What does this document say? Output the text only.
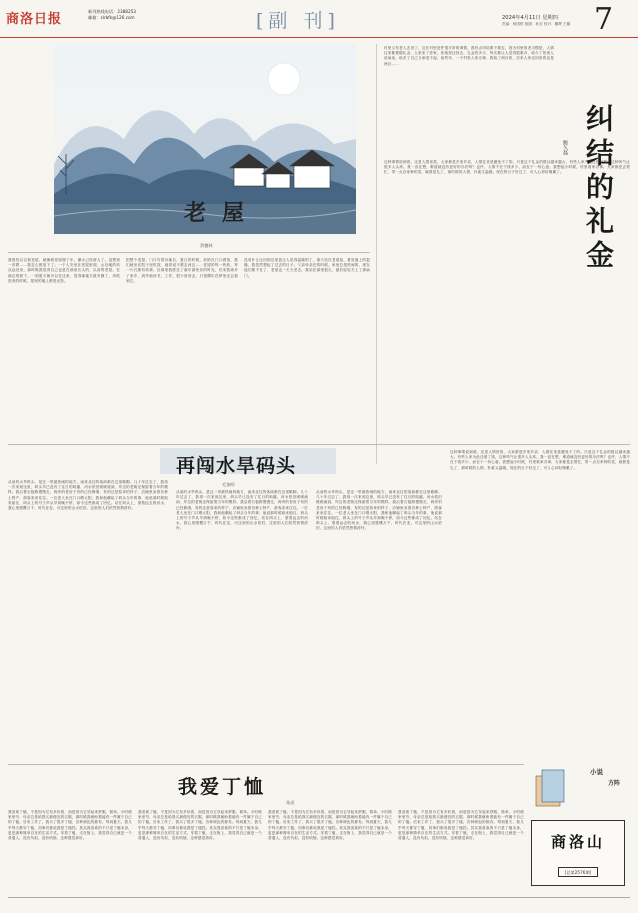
商洛日报
新刊热线电话：2388253
邮箱：slrbfk@126.com	[副 刊]	2024年4月11日 星期四
责编：杨国栋 组版：孙芳 校对：戴辉 王璐 7
老屋
贺穗林
我曾经以自我老屋，就像树老屋理了年，潮水己经被大了。没想到一首歌……我怎么都放下了。一个人安坐在老屋里面，山谷地的风从远处来，那时候我觉得自己也是在那里长大的，以前的老屋，在那边的树下，一到夏天就可以在这里，觉得那地方最安静了，风吹进来的时候，屋里的墙上都是光影。
把整个老屋，门口写着各地名，夏日的时候，奶奶在门口做饭，我们就坐在院子里吃饭，她常说不要去河边……老屋的每一块砖，每一片瓦都有故事，在那里我度过了童年最快乐的时光，后来我离开了家乡，到外地读书，工作，很少再回去，只是偶尔在梦里还会看到它。
没有什么比回到这里更让人觉得温暖的了，那天站在老屋前，看见墙上的裂缝，我忽然想起了过去的日子。父亲母亲在的时候，家里总是热闹的，现在他们都不在了，老屋也一天天老去。我站在那里很久，最后轻轻关上了那扇门。
村里又有老人去世了，这在村里是件很平常的事情，我有点纠结要不要去，因为村里的老习惯是，人情往来都要随礼金，人家来了你家，你就得还回去。礼金的多少，每次都让人觉得很难办，给少了怕别人说闲话，给多了自己又承受不起。前些年，一个村里人家办事，我给了两百块，后来人家还回来的也是两百……
鲍久磊 纠结的礼金
这种事情说到底，还是人情世故，大家都是乡里乡亲，人情往来是避免不了的。只是这个礼金的数目越来越大，有些人家为此还借了钱，这种风气让很多人头疼。我一直在想，难道就没有更好的办法吗？也许，人情不在于钱多少，而在于一份心意。我想起小时候，村里谁家办事，大家都是去帮忙，带一点自家种的菜，就算是礼了，那时候的人情，朴素又温暖。现在的日子好过了，可人心却好像累了。
再闯水旱码头
毛加明
从前的水旱码头，是这一带最热闹的地方，南来北往的客商都在这里歇脚。几十年过去了，我再一次来到这里，码头早已没有了往日的喧嚣，河水依旧缓缓流淌，岸边的老街还保留着当年的模样。我沿着石板路慢慢走，两旁的老房子有的已经修缮，有的还是原来的样子，店铺里卖着各种土特产，游客来来往往。一位老人坐在门口晒太阳，我和他聊起了码头当年的事，他说那时候船来船往，码头上的号子声从早到晚不停，如今这些都成了回忆。站在码头上，望着远去的河水，我心里感慨万千，时代在变，可这里的山水依旧，这里的人们依然热情淳朴。
从前的水旱码头，是这一带最热闹的地方，南来北往的客商都在这里歇脚。几十年过去了，我再一次来到这里，码头早已没有了往日的喧嚣，河水依旧缓缓流淌，岸边的老街还保留着当年的模样。我沿着石板路慢慢走，两旁的老房子有的已经修缮，有的还是原来的样子，店铺里卖着各种土特产，游客来来往往。一位老人坐在门口晒太阳，我和他聊起了码头当年的事，他说那时候船来船往，码头上的号子声从早到晚不停，如今这些都成了回忆。站在码头上，望着远去的河水，我心里感慨万千，时代在变，可这里的山水依旧，这里的人们依然热情淳朴。
从前的水旱码头，是这一带最热闹的地方，南来北往的客商都在这里歇脚。几十年过去了，我再一次来到这里，码头早已没有了往日的喧嚣，河水依旧缓缓流淌，岸边的老街还保留着当年的模样。我沿着石板路慢慢走，两旁的老房子有的已经修缮，有的还是原来的样子，店铺里卖着各种土特产，游客来来往往。一位老人坐在门口晒太阳，我和他聊起了码头当年的事，他说那时候船来船往，码头上的号子声从早到晚不停，如今这些都成了回忆。站在码头上，望着远去的河水，我心里感慨万千，时代在变，可这里的山水依旧，这里的人们依然热情淳朴。
这种事情说到底，还是人情世故，大家都是乡里乡亲，人情往来是避免不了的。只是这个礼金的数目越来越大，有些人家为此还借了钱，这种风气让很多人头疼。我一直在想，难道就没有更好的办法吗？也许，人情不在于钱多少，而在于一份心意。我想起小时候，村里谁家办事，大家都是去帮忙，带一点自家种的菜，就算是礼了，那时候的人情，朴素又温暖。现在的日子好过了，可人心却好像累了。
小说
方阵
我爱丁恤
朱虎
我喜欢丁恤，不是因为它有多好看，而是因为它穿起来舒服，简单。小时候家里穷，母亲总是给我买最便宜的衣服，那时候我就盼着能有一件属于自己的丁恤。后来工作了，我买了很多丁恤，各种颜色的都有。每到夏天，我几乎每天都穿丁恤，同事们都说我是丁恤控。其实我喜欢的不只是丁恤本身，更是那种简单自在的生活方式。穿着丁恤，走在街上，我觉得自己就是一个普通人，没有负担，没有烦恼，这种感觉真好。
我喜欢丁恤，不是因为它有多好看，而是因为它穿起来舒服，简单。小时候家里穷，母亲总是给我买最便宜的衣服，那时候我就盼着能有一件属于自己的丁恤。后来工作了，我买了很多丁恤，各种颜色的都有。每到夏天，我几乎每天都穿丁恤，同事们都说我是丁恤控。其实我喜欢的不只是丁恤本身，更是那种简单自在的生活方式。穿着丁恤，走在街上，我觉得自己就是一个普通人，没有负担，没有烦恼，这种感觉真好。
我喜欢丁恤，不是因为它有多好看，而是因为它穿起来舒服，简单。小时候家里穷，母亲总是给我买最便宜的衣服，那时候我就盼着能有一件属于自己的丁恤。后来工作了，我买了很多丁恤，各种颜色的都有。每到夏天，我几乎每天都穿丁恤，同事们都说我是丁恤控。其实我喜欢的不只是丁恤本身，更是那种简单自在的生活方式。穿着丁恤，走在街上，我觉得自己就是一个普通人，没有负担，没有烦恼，这种感觉真好。
我喜欢丁恤，不是因为它有多好看，而是因为它穿起来舒服，简单。小时候家里穷，母亲总是给我买最便宜的衣服，那时候我就盼着能有一件属于自己的丁恤。后来工作了，我买了很多丁恤，各种颜色的都有。每到夏天，我几乎每天都穿丁恤，同事们都说我是丁恤控。其实我喜欢的不只是丁恤本身，更是那种简单自在的生活方式。穿着丁恤，走在街上，我觉得自己就是一个普通人，没有负担，没有烦恼，这种感觉真好。	商洛山
[总第2576期]
